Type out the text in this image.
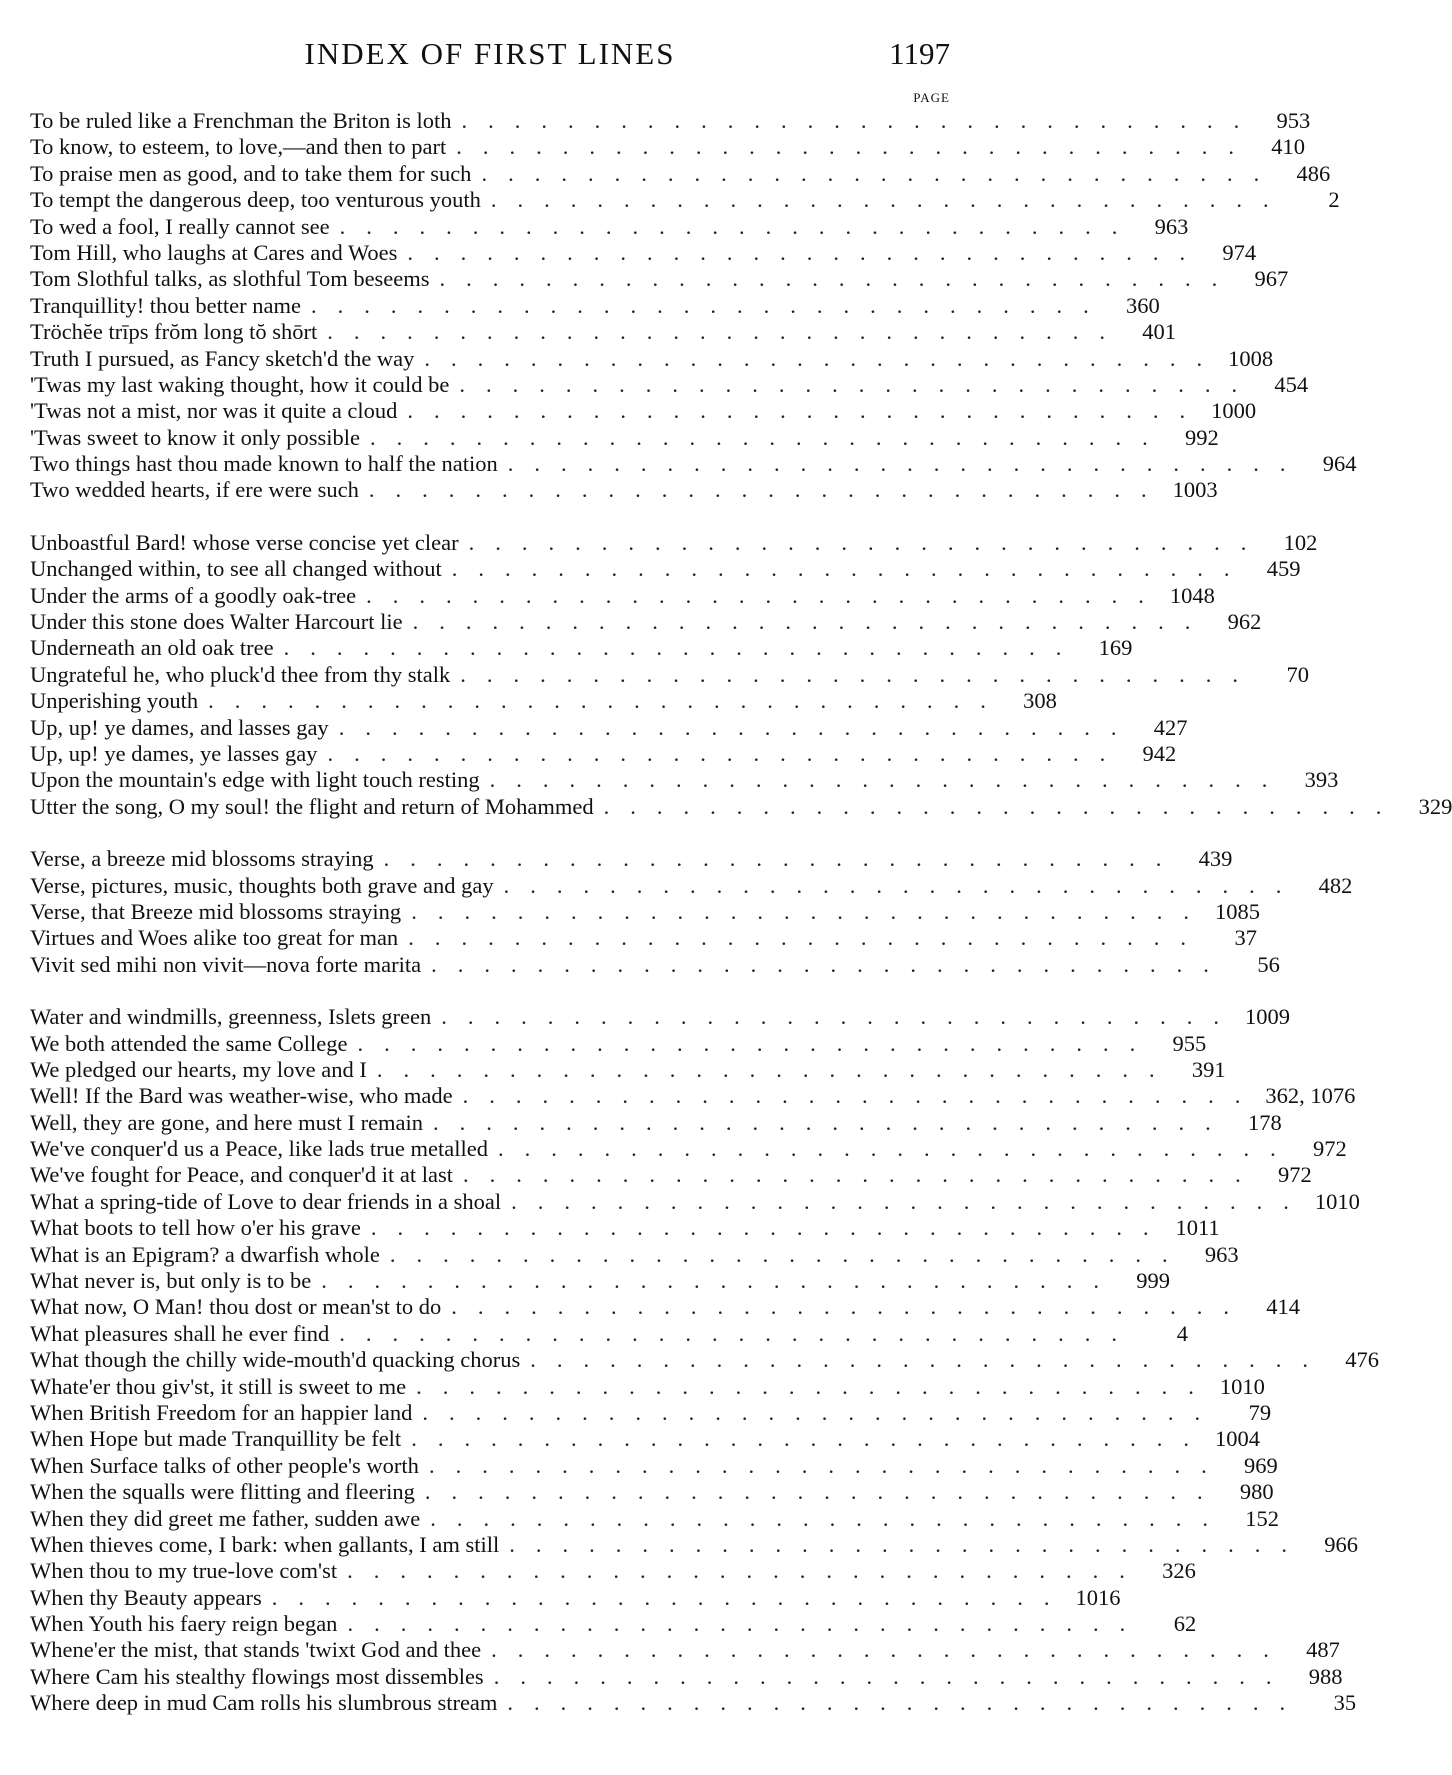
INDEX OF FIRST LINES	1197
PAGE
To be ruled like a Frenchman the Briton is loth .............................. 953
To know, to esteem, to love,—and then to part .............................. 410
To praise men as good, and to take them for such .............................. 486
To tempt the dangerous deep, too venturous youth ..............................	2
To wed a fool, I really cannot see .............................. 963
Tom Hill, who laughs at Cares and Woes .............................. 974
Tom Slothful talks, as slothful Tom beseems .............................. 967
Tranquillity! thou better name .............................. 360
Tröchĕe trīps frŏm long tŏ shōrt .............................. 401
Truth I pursued, as Fancy sketch'd the way .............................. 1008
'Twas my last waking thought, how it could be .............................. 454
'Twas not a mist, nor was it quite a cloud .............................. 1000
'Twas sweet to know it only possible .............................. 992
Two things hast thou made known to half the nation .............................. 964
Two wedded hearts, if ere were such .............................. 1003
Unboastful Bard! whose verse concise yet clear .............................. 102
Unchanged within, to see all changed without .............................. 459
Under the arms of a goodly oak-tree .............................. 1048
Under this stone does Walter Harcourt lie .............................. 962
Underneath an old oak tree .............................. 169
Ungrateful he, who pluck'd thee from thy stalk ..............................	70
Unperishing youth .............................. 308
Up, up! ye dames, and lasses gay .............................. 427
Up, up! ye dames, ye lasses gay .............................. 942
Upon the mountain's edge with light touch resting .............................. 393
Utter the song, O my soul! the flight and return of Mohammed .............................. 329
Verse, a breeze mid blossoms straying .............................. 439
Verse, pictures, music, thoughts both grave and gay .............................. 482
Verse, that Breeze mid blossoms straying .............................. 1085
Virtues and Woes alike too great for man ..............................	37
Vivit sed mihi non vivit—nova forte marita ..............................	56
Water and windmills, greenness, Islets green .............................. 1009
We both attended the same College .............................. 955
We pledged our hearts, my love and I .............................. 391
Well! If the Bard was weather-wise, who made .............................. 362, 1076
Well, they are gone, and here must I remain .............................. 178
We've conquer'd us a Peace, like lads true metalled .............................. 972
We've fought for Peace, and conquer'd it at last .............................. 972
What a spring-tide of Love to dear friends in a shoal .............................. 1010
What boots to tell how o'er his grave .............................. 1011
What is an Epigram? a dwarfish whole .............................. 963
What never is, but only is to be .............................. 999
What now, O Man! thou dost or mean'st to do .............................. 414
What pleasures shall he ever find ..............................	4
What though the chilly wide-mouth'd quacking chorus .............................. 476
Whate'er thou giv'st, it still is sweet to me .............................. 1010
When British Freedom for an happier land ..............................	79
When Hope but made Tranquillity be felt .............................. 1004
When Surface talks of other people's worth .............................. 969
When the squalls were flitting and fleering .............................. 980
When they did greet me father, sudden awe .............................. 152
When thieves come, I bark: when gallants, I am still .............................. 966
When thou to my true-love com'st .............................. 326
When thy Beauty appears .............................. 1016
When Youth his faery reign began ..............................	62
Whene'er the mist, that stands 'twixt God and thee .............................. 487
Where Cam his stealthy flowings most dissembles .............................. 988
Where deep in mud Cam rolls his slumbrous stream ..............................	35
